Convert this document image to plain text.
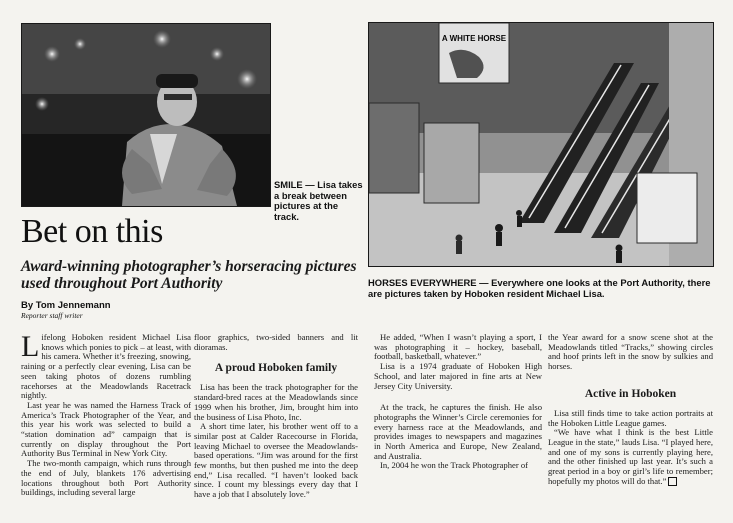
SMILE — Lisa takes a break between pictures at the track.
A WHITE HORSE
HORSES EVERYWHERE — Everywhere one looks at the Port Authority, there are pictures taken by Hoboken resident Michael Lisa.
Bet on this
Award-winning photographer’s horseracing pictures used throughout Port Authority
By Tom Jennemann
Reporter staff writer

Lifelong Hoboken resident Michael Lisa knows which ponies to pick – at least, with his camera. Whether it’s freezing, snowing, raining or a perfectly clear evening, Lisa can be seen taking photos of dozens rumbling racehorses at the Meadowlands Racetrack nightly.

Last year he was named the Harness Track of America’s Track Photographer of the Year, and this year his work was selected to build a “station domination ad” campaign that is currently on display throughout the Port Authority Bus Terminal in New York City.

The two-month campaign, which runs through the end of July, blankets 176 advertising locations throughout both Port Authority buildings, including several large

floor graphics, two-sided banners and lit dioramas.

A proud Hoboken family

Lisa has been the track photographer for the standard-bred races at the Meadowlands since 1999 when his brother, Jim, brought him into the business of Lisa Photo, Inc.

A short time later, his brother went off to a similar post at Calder Racecourse in Florida, leaving Michael to oversee the Meadowlands-based operations. “Jim was around for the first few months, but then pushed me into the deep end,” Lisa recalled. “I haven’t looked back since. I count my blessings every day that I have a job that I absolutely love.”

He added, “When I wasn’t playing a sport, I was photographing it – hockey, baseball, football, basketball, whatever.”

Lisa is a 1974 graduate of Hoboken High School, and later majored in fine arts at New Jersey City University.

At the track, he captures the finish. He also photographs the Winner’s Circle ceremonies for every harness race at the Meadowlands, and provides images to newspapers and magazines in North America and Europe, New Zealand, and Australia.

In, 2004 he won the Track Photographer of

the Year award for a snow scene shot at the Meadowlands titled “Tracks,” showing circles and hoof prints left in the snow by sulkies and horses.

Active in Hoboken

Lisa still finds time to take action portraits at the Hoboken Little League games.

“We have what I think is the best Little League in the state,” lauds Lisa. “I played here, and one of my sons is currently playing here, and the other finished up last year. It’s such a great period in a boy or girl’s life to remember; hopefully my photos will do that.”
